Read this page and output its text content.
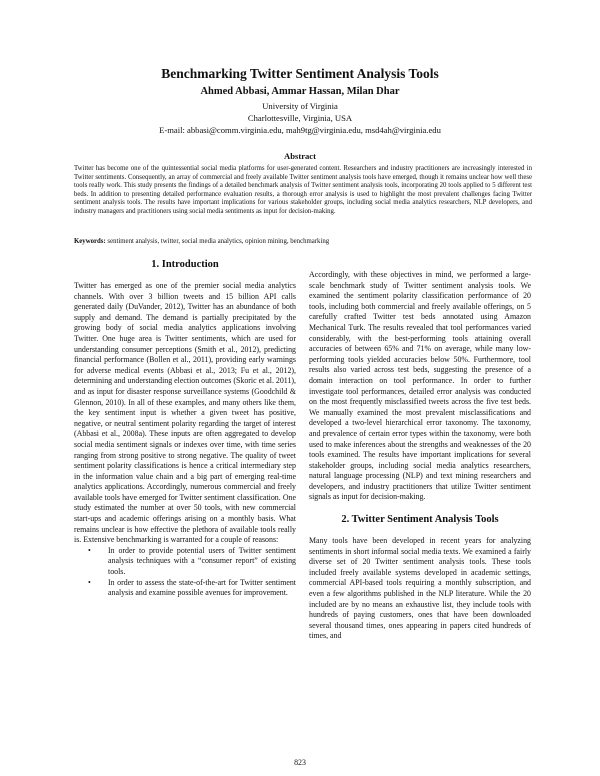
Benchmarking Twitter Sentiment Analysis Tools
Ahmed Abbasi, Ammar Hassan, Milan Dhar
University of Virginia
Charlottesville, Virginia, USA
E-mail: abbasi@comm.virginia.edu, mah9tg@virginia.edu, msd4ah@virginia.edu
Abstract
Twitter has become one of the quintessential social media platforms for user-generated content. Researchers and industry practitioners are increasingly interested in Twitter sentiments. Consequently, an array of commercial and freely available Twitter sentiment analysis tools have emerged, though it remains unclear how well these tools really work. This study presents the findings of a detailed benchmark analysis of Twitter sentiment analysis tools, incorporating 20 tools applied to 5 different test beds. In addition to presenting detailed performance evaluation results, a thorough error analysis is used to highlight the most prevalent challenges facing Twitter sentiment analysis tools. The results have important implications for various stakeholder groups, including social media analytics researchers, NLP developers, and industry managers and practitioners using social media sentiments as input for decision-making.
Keywords: sentiment analysis, twitter, social media analytics, opinion mining, benchmarking
1. Introduction

Twitter has emerged as one of the premier social media analytics channels. With over 3 billion tweets and 15 billion API calls generated daily (DuVander, 2012), Twitter has an abundance of both supply and demand. The demand is partially precipitated by the growing body of social media analytics applications involving Twitter. One huge area is Twitter sentiments, which are used for understanding consumer perceptions (Smith et al., 2012), predicting financial performance (Bollen et al., 2011), providing early warnings for adverse medical events (Abbasi et al., 2013; Fu et al., 2012), determining and understanding election outcomes (Skoric et al. 2011), and as input for disaster response surveillance systems (Goodchild & Glennon, 2010). In all of these examples, and many others like them, the key sentiment input is whether a given tweet has positive, negative, or neutral sentiment polarity regarding the target of interest (Abbasi et al., 2008a). These inputs are often aggregated to develop social media sentiment signals or indexes over time, with time series ranging from strong positive to strong negative. The quality of tweet sentiment polarity classifications is hence a critical intermediary step in the information value chain and a big part of emerging real-time analytics applications. Accordingly, numerous commercial and freely available tools have emerged for Twitter sentiment classification. One study estimated the number at over 50 tools, with new commercial start-ups and academic offerings arising on a monthly basis. What remains unclear is how effective the plethora of available tools really is. Extensive benchmarking is warranted for a couple of reasons:

• In order to provide potential users of Twitter sentiment analysis techniques with a “consumer report” of existing tools.
• In order to assess the state-of-the-art for Twitter sentiment analysis and examine possible avenues for improvement.

Accordingly, with these objectives in mind, we performed a large-scale benchmark study of Twitter sentiment analysis tools. We examined the sentiment polarity classification performance of 20 tools, including both commercial and freely available offerings, on 5 carefully crafted Twitter test beds annotated using Amazon Mechanical Turk. The results revealed that tool performances varied considerably, with the best-performing tools attaining overall accuracies of between 65% and 71% on average, while many low-performing tools yielded accuracies below 50%. Furthermore, tool results also varied across test beds, suggesting the presence of a domain interaction on tool performance. In order to further investigate tool performances, detailed error analysis was conducted on the most frequently misclassified tweets across the five test beds. We manually examined the most prevalent misclassifications and developed a two-level hierarchical error taxonomy. The taxonomy, and prevalence of certain error types within the taxonomy, were both used to make inferences about the strengths and weaknesses of the 20 tools examined. The results have important implications for several stakeholder groups, including social media analytics researchers, natural language processing (NLP) and text mining researchers and developers, and industry practitioners that utilize Twitter sentiment signals as input for decision-making.

2. Twitter Sentiment Analysis Tools

Many tools have been developed in recent years for analyzing sentiments in short informal social media texts. We examined a fairly diverse set of 20 Twitter sentiment analysis tools. These tools included freely available systems developed in academic settings, commercial API-based tools requiring a monthly subscription, and even a few algorithms published in the NLP literature. While the 20 included are by no means an exhaustive list, they include tools with hundreds of paying customers, ones that have been downloaded several thousand times, ones appearing in papers cited hundreds of times, and

823
